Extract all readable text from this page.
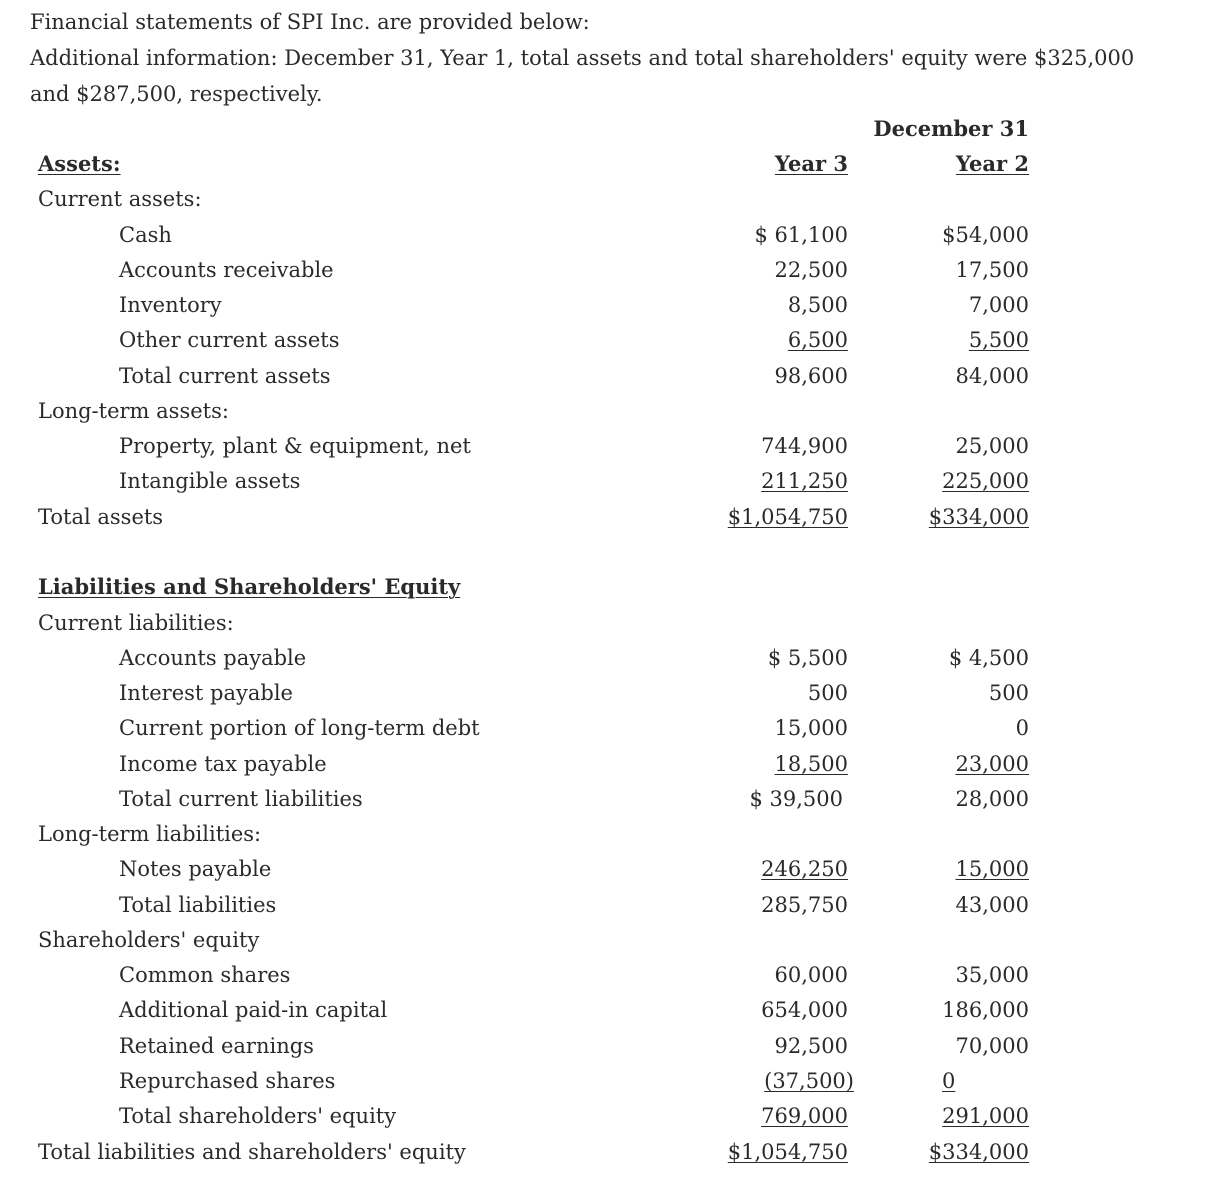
Financial statements of SPI Inc. are provided below:
Additional information: December 31, Year 1, total assets and total shareholders' equity were $325,000
and $287,500, respectively.
December 31
Assets:	Year 3	Year 2
Current assets:
Cash	$ 61,100	$54,000
Accounts receivable	22,500	17,500
Inventory	8,500	7,000
Other current assets	6,500	5,500
Total current assets	98,600	84,000
Long-term assets:
Property, plant & equipment, net	744,900	25,000
Intangible assets	211,250	225,000
Total assets	$1,054,750	$334,000
Liabilities and Shareholders' Equity
Current liabilities:
Accounts payable	$ 5,500	$ 4,500
Interest payable	500	500
Current portion of long-term debt	15,000	0
Income tax payable	18,500	23,000
Total current liabilities	$ 39,500	28,000
Long-term liabilities:
Notes payable	246,250	15,000
Total liabilities	285,750	43,000
Shareholders' equity
Common shares	60,000	35,000
Additional paid-in capital	654,000	186,000
Retained earnings	92,500	70,000
Repurchased shares	(37,500)	0
Total shareholders' equity	769,000	291,000
Total liabilities and shareholders' equity	$1,054,750	$334,000
